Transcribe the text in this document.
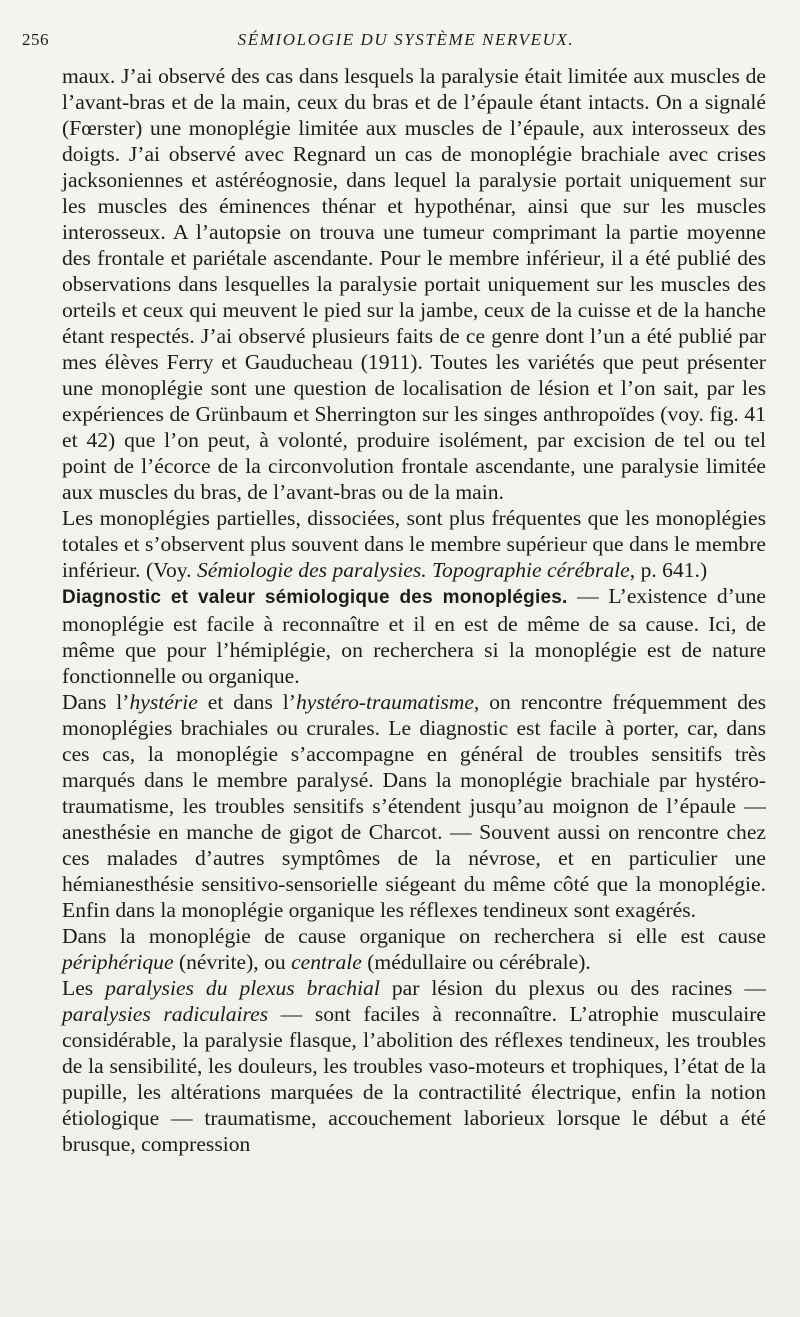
256	SÉMIOLOGIE DU SYSTÈME NERVEUX.

maux. J’ai observé des cas dans lesquels la paralysie était limitée aux muscles de l’avant-bras et de la main, ceux du bras et de l’épaule étant intacts. On a signalé (Fœrster) une monoplégie limitée aux muscles de l’épaule, aux interosseux des doigts. J’ai observé avec Regnard un cas de monoplégie brachiale avec crises jacksoniennes et astéréognosie, dans lequel la paralysie portait uniquement sur les muscles des éminences thénar et hypothénar, ainsi que sur les muscles interosseux. A l’autopsie on trouva une tumeur comprimant la partie moyenne des frontale et pariétale ascendante. Pour le membre inférieur, il a été publié des observations dans lesquelles la paralysie portait uniquement sur les muscles des orteils et ceux qui meuvent le pied sur la jambe, ceux de la cuisse et de la hanche étant respectés. J’ai observé plusieurs faits de ce genre dont l’un a été publié par mes élèves Ferry et Gauducheau (1911). Toutes les variétés que peut présenter une monoplégie sont une question de localisation de lésion et l’on sait, par les expériences de Grünbaum et Sherrington sur les singes anthropoïdes (voy. fig. 41 et 42) que l’on peut, à volonté, produire isolément, par excision de tel ou tel point de l’écorce de la circonvolution frontale ascendante, une paralysie limitée aux muscles du bras, de l’avant-bras ou de la main.

Les monoplégies partielles, dissociées, sont plus fréquentes que les monoplégies totales et s’observent plus souvent dans le membre supérieur que dans le membre inférieur. (Voy. Sémiologie des paralysies. Topographie cérébrale, p. 641.)

Diagnostic et valeur sémiologique des monoplégies. — L’existence d’une monoplégie est facile à reconnaître et il en est de même de sa cause. Ici, de même que pour l’hémiplégie, on recherchera si la monoplégie est de nature fonctionnelle ou organique.

Dans l’hystérie et dans l’hystéro-traumatisme, on rencontre fréquemment des monoplégies brachiales ou crurales. Le diagnostic est facile à porter, car, dans ces cas, la monoplégie s’accompagne en général de troubles sensitifs très marqués dans le membre paralysé. Dans la monoplégie brachiale par hystéro-traumatisme, les troubles sensitifs s’étendent jusqu’au moignon de l’épaule — anesthésie en manche de gigot de Charcot. — Souvent aussi on rencontre chez ces malades d’autres symptômes de la névrose, et en particulier une hémianesthésie sensitivo-sensorielle siégeant du même côté que la monoplégie. Enfin dans la monoplégie organique les réflexes tendineux sont exagérés.

Dans la monoplégie de cause organique on recherchera si elle est cause périphérique (névrite), ou centrale (médullaire ou cérébrale).

Les paralysies du plexus brachial par lésion du plexus ou des racines — paralysies radiculaires — sont faciles à reconnaître. L’atrophie musculaire considérable, la paralysie flasque, l’abolition des réflexes tendineux, les troubles de la sensibilité, les douleurs, les troubles vaso-moteurs et trophiques, l’état de la pupille, les altérations marquées de la contractilité électrique, enfin la notion étiologique — traumatisme, accouchement laborieux lorsque le début a été brusque, compression
